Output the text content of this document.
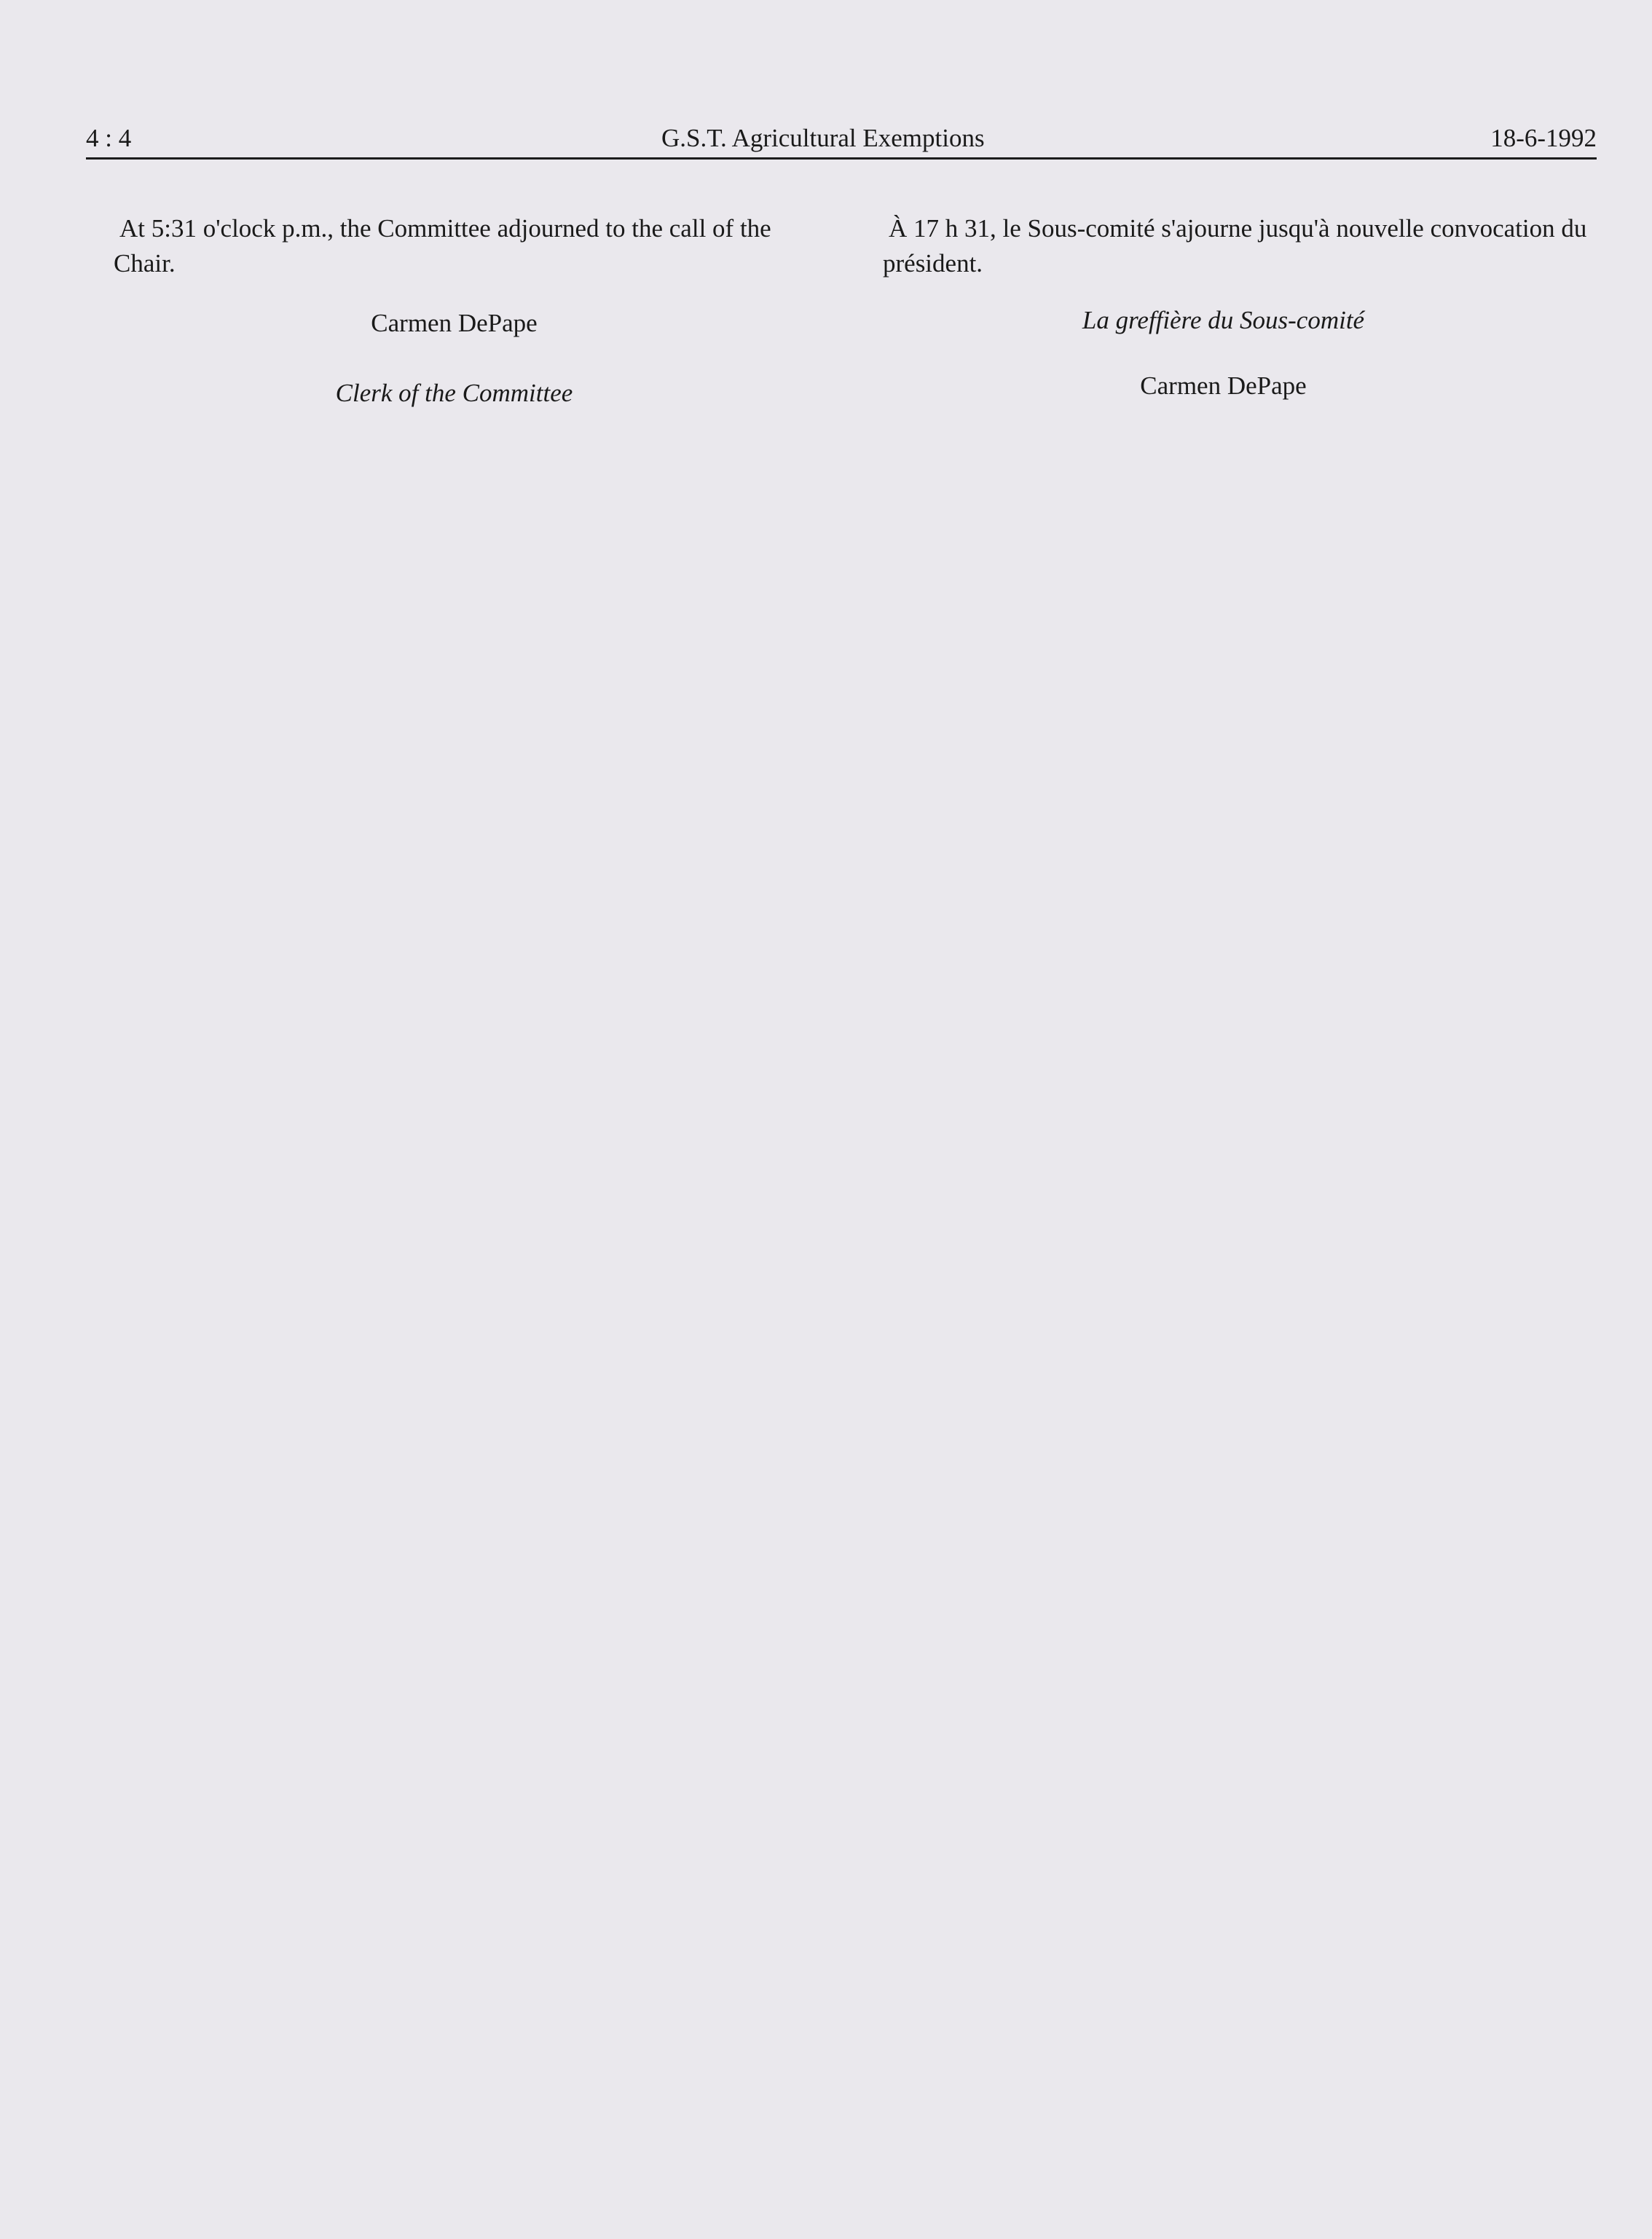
4 : 4	G.S.T. Agricultural Exemptions	18-6-1992

At 5:31 o'clock p.m., the Committee adjourned to the call of the Chair.

Carmen DePape

Clerk of the Committee

À 17 h 31, le Sous-comité s'ajourne jusqu'à nouvelle convocation du président.

La greffière du Sous-comité

Carmen DePape
